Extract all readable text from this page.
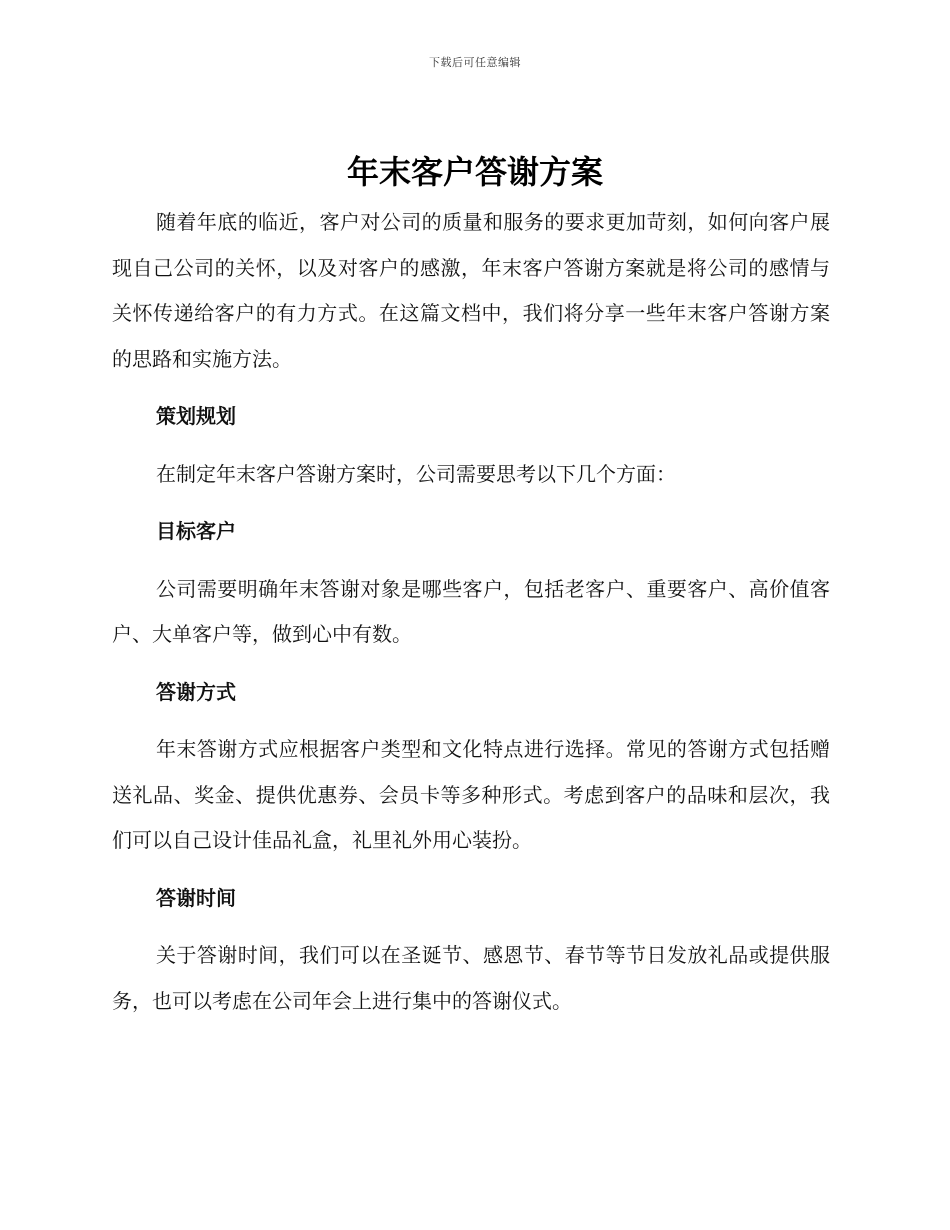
下载后可任意编辑
年末客户答谢方案

随着年底的临近，客户对公司的质量和服务的要求更加苛刻，如何向客户展现自己公司的关怀，以及对客户的感激，年末客户答谢方案就是将公司的感情与关怀传递给客户的有力方式。在这篇文档中，我们将分享一些年末客户答谢方案的思路和实施方法。

策划规划

在制定年末客户答谢方案时，公司需要思考以下几个方面：

目标客户

公司需要明确年末答谢对象是哪些客户，包括老客户、重要客户、高价值客户、大单客户等，做到心中有数。

答谢方式

年末答谢方式应根据客户类型和文化特点进行选择。常见的答谢方式包括赠送礼品、奖金、提供优惠券、会员卡等多种形式。考虑到客户的品味和层次，我们可以自己设计佳品礼盒，礼里礼外用心装扮。

答谢时间

关于答谢时间，我们可以在圣诞节、感恩节、春节等节日发放礼品或提供服务，也可以考虑在公司年会上进行集中的答谢仪式。
